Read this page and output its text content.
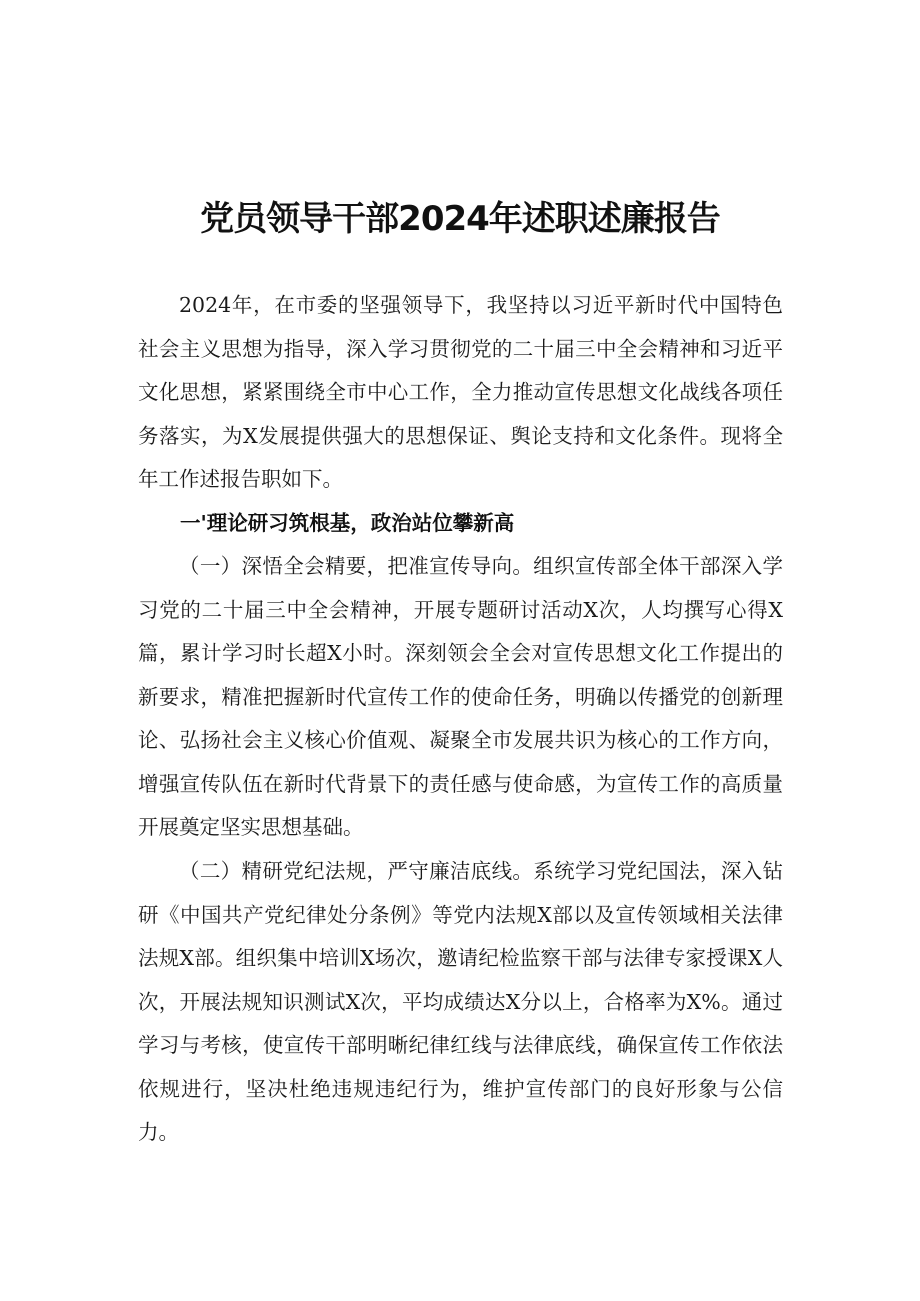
党员领导干部2024年述职述廉报告

2024年，在市委的坚强领导下，我坚持以习近平新时代中国特色社会主义思想为指导，深入学习贯彻党的二十届三中全会精神和习近平文化思想，紧紧围绕全市中心工作，全力推动宣传思想文化战线各项任务落实，为X发展提供强大的思想保证、舆论支持和文化条件。现将全年工作述报告职如下。

一'理论研习筑根基，政治站位攀新高

（一）深悟全会精要，把准宣传导向。组织宣传部全体干部深入学习党的二十届三中全会精神，开展专题研讨活动X次，人均撰写心得X篇，累计学习时长超X小时。深刻领会全会对宣传思想文化工作提出的新要求，精准把握新时代宣传工作的使命任务，明确以传播党的创新理论、弘扬社会主义核心价值观、凝聚全市发展共识为核心的工作方向，增强宣传队伍在新时代背景下的责任感与使命感，为宣传工作的高质量开展奠定坚实思想基础。

（二）精研党纪法规，严守廉洁底线。系统学习党纪国法，深入钻研《中国共产党纪律处分条例》等党内法规X部以及宣传领域相关法律法规X部。组织集中培训X场次，邀请纪检监察干部与法律专家授课X人次，开展法规知识测试X次，平均成绩达X分以上，合格率为X%。通过学习与考核，使宣传干部明晰纪律红线与法律底线，确保宣传工作依法依规进行，坚决杜绝违规违纪行为，维护宣传部门的良好形象与公信力。
